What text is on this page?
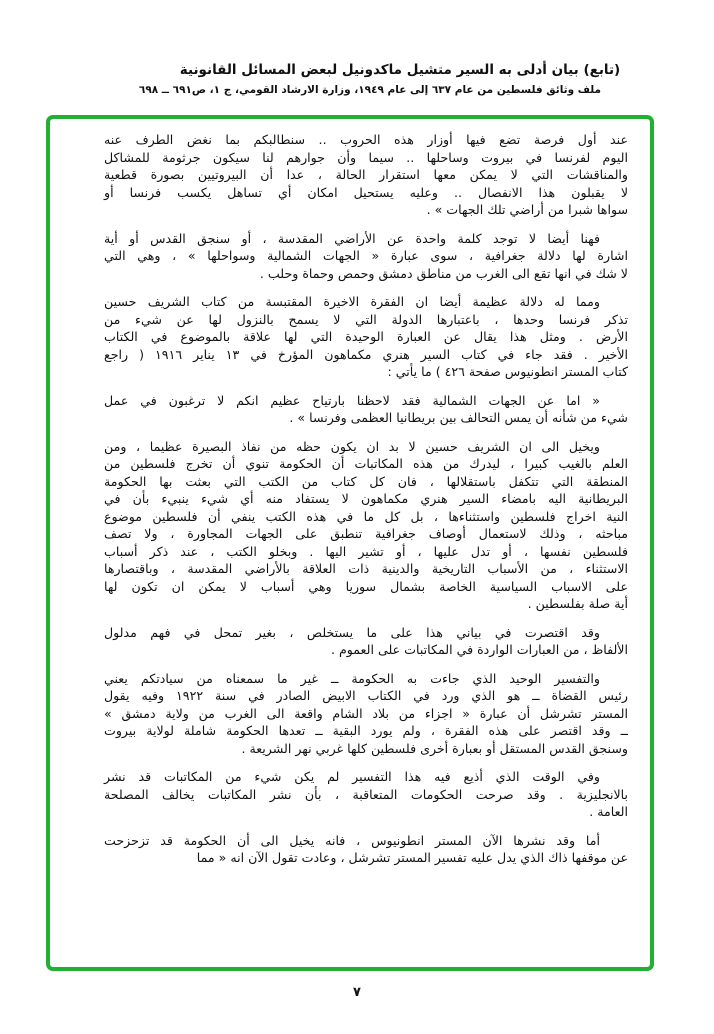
(تابع) بيان أدلى به السير متشيل ماكدونيل لبعض المسائل القانونية
ملف وثائق فلسطين من عام ٦٣٧ إلى عام ١٩٤٩، وزارة الارشاد القومي، ج ١، ص٦٩١ ــ ٦٩٨
عند أول فرصة تضع فيها أوزار هذه الحروب .. سنطالبكم بما نغض الطرف عنه
اليوم لفرنسا في بيروت وساحلها .. سيما وأن جوارهم لنا سيكون جرثومة للمشاكل
والمناقشات التي لا يمكن معها استقرار الحالة ، عدا أن البيروتيين بصورة قطعية
لا يقبلون هذا الانفصال .. وعليه يستحيل امكان أي تساهل يكسب فرنسا أو
سواها شبرا من أراضي تلك الجهات » .
فهنا أيضا لا توجد كلمة واحدة عن الأراضي المقدسة ، أو سنجق القدس أو أية
اشارة لها دلالة جغرافية ، سوى عبارة « الجهات الشمالية وسواحلها » ، وهي التي
لا شك في انها تقع الى الغرب من مناطق دمشق وحمص وحماة وحلب .
ومما له دلالة عظيمة أيضا ان الفقرة الاخيرة المقتبسة من كتاب الشريف حسين
تذكر فرنسا وحدها ، باعتبارها الدولة التي لا يسمح بالنزول لها عن شيء من
الأرض . ومثل هذا يقال عن العبارة الوحيدة التي لها علاقة بالموضوع في الكتاب
الأخير . فقد جاء في كتاب السير هنري مكماهون المؤرخ في ١٣ يناير ١٩١٦ ( راجع
كتاب المستر انطونيوس صفحة ٤٢٦ ) ما يأتي :
« اما عن الجهات الشمالية فقد لاحظنا بارتياح عظيم انكم لا ترغبون في عمل
شيء من شأنه أن يمس التحالف بين بريطانيا العظمى وفرنسا » .
ويخيل الى ان الشريف حسين لا بد ان يكون حظه من نفاذ البصيرة عظيما ، ومن
العلم بالغيب كبيرا ، ليدرك من هذه المكاتبات أن الحكومة تنوي أن تخرج فلسطين من
المنطقة التي تتكفل باستقلالها ، فان كل كتاب من الكتب التي بعثت بها الحكومة
البريطانية اليه بامضاء السير هنري مكماهون لا يستفاد منه أي شيء ينبيء بأن في
النية اخراج فلسطين واستثناءها ، بل كل ما في هذه الكتب ينفي أن فلسطين موضوع
مباحثه ، وذلك لاستعمال أوصاف جغرافية تنطبق على الجهات المجاورة ، ولا تصف
فلسطين نفسها ، أو تدل عليها ، أو تشير اليها . وبخلو الكتب ، عند ذكر أسباب
الاستثناء ، من الأسباب التاريخية والدينية ذات العلاقة بالأراضي المقدسة ، وباقتصارها
على الاسباب السياسية الخاصة بشمال سوريا وهي أسباب لا يمكن ان تكون لها
أية صلة بفلسطين .
وقد اقتصرت في بياني هذا على ما يستخلص ، بغير تمحل في فهم مدلول
الألفاظ ، من العبارات الواردة في المكاتبات على العموم .
والتفسير الوحيد الذي جاءت به الحكومة ــ غير ما سمعناه من سيادتكم يعني
رئيس القضاة ــ هو الذي ورد في الكتاب الابيض الصادر في سنة ١٩٢٢ وفيه يقول
المستر تشرشل أن عبارة « اجزاء من بلاد الشام واقعة الى الغرب من ولاية دمشق »
ــ وقد اقتصر على هذه الفقرة ، ولم يورد البقية ــ تعدها الحكومة شاملة لولاية بيروت
وسنجق القدس المستقل أو بعبارة أخرى فلسطين كلها غربي نهر الشريعة .
وفي الوقت الذي أذيع فيه هذا التفسير لم يكن شيء من المكاتبات قد نشر
بالانجليزية . وقد صرحت الحكومات المتعاقبة ، بأن نشر المكاتبات يخالف المصلحة
العامة .
أما وقد نشرها الآن المستر انطونيوس ، فانه يخيل الى أن الحكومة قد تزحزحت
عن موقفها ذاك الذي يدل عليه تفسير المستر تشرشل ، وعادت تقول الآن انه « مما
٧
